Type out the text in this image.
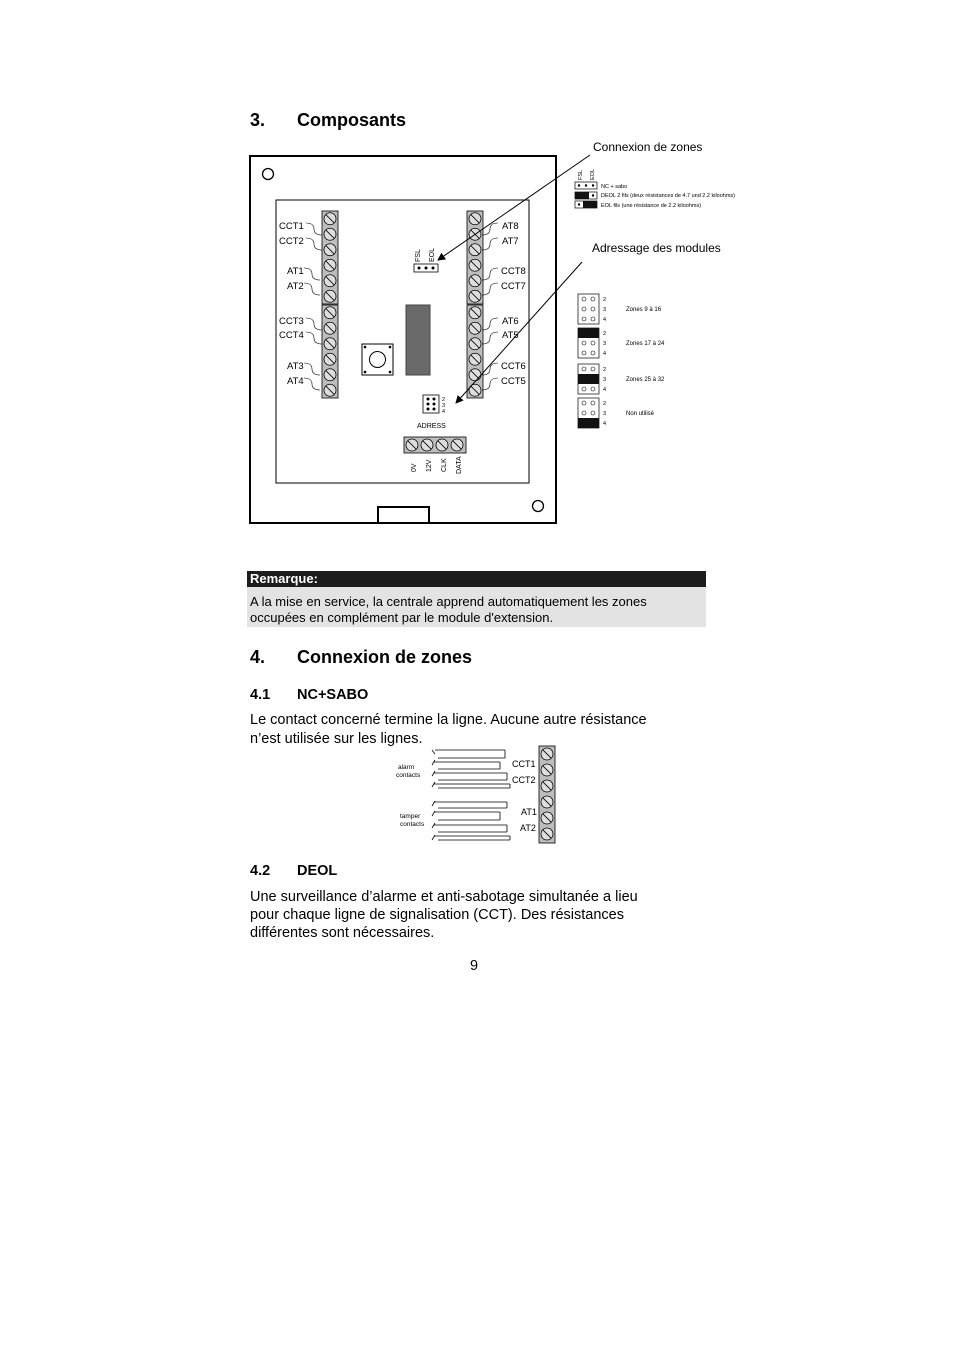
3. Composants
CCT1
CCT2
AT1
AT2
CCT3
CCT4
AT3
AT4
AT8
AT7
CCT8
CCT7
AT6
AT5
CCT6
CCT5
FSL EOL
2
3
4
ADRESS
0V 12V CLK DATA
Connexion de zones
Adressage des modules
FSL EOL
NC + sabo
DEOL 2 fils (deux résistances de 4.7 und 2.2 kiloohms)
EOL fils (une résistance de 2.2 kiloohms)
2
3
4
Zones 9 à 16
2
3
4
Zones 17 à 24
2
3
4
Zones 25 à 32
2
3
4
Non utilisé
Remarque:
A la mise en service, la centrale apprend automatiquement les zones
occupées en complément par le module d'extension.
4. Connexion de zones
4.1 NC+SABO
Le contact concerné termine la ligne. Aucune autre résistance
n’est utilisée sur les lignes.
alarm
contacts
tamper
contacts
CCT1
CCT2
AT1
AT2
4.2 DEOL
Une surveillance d’alarme et anti-sabotage simultanée a lieu
pour chaque ligne de signalisation (CCT). Des résistances
différentes sont nécessaires.
9
